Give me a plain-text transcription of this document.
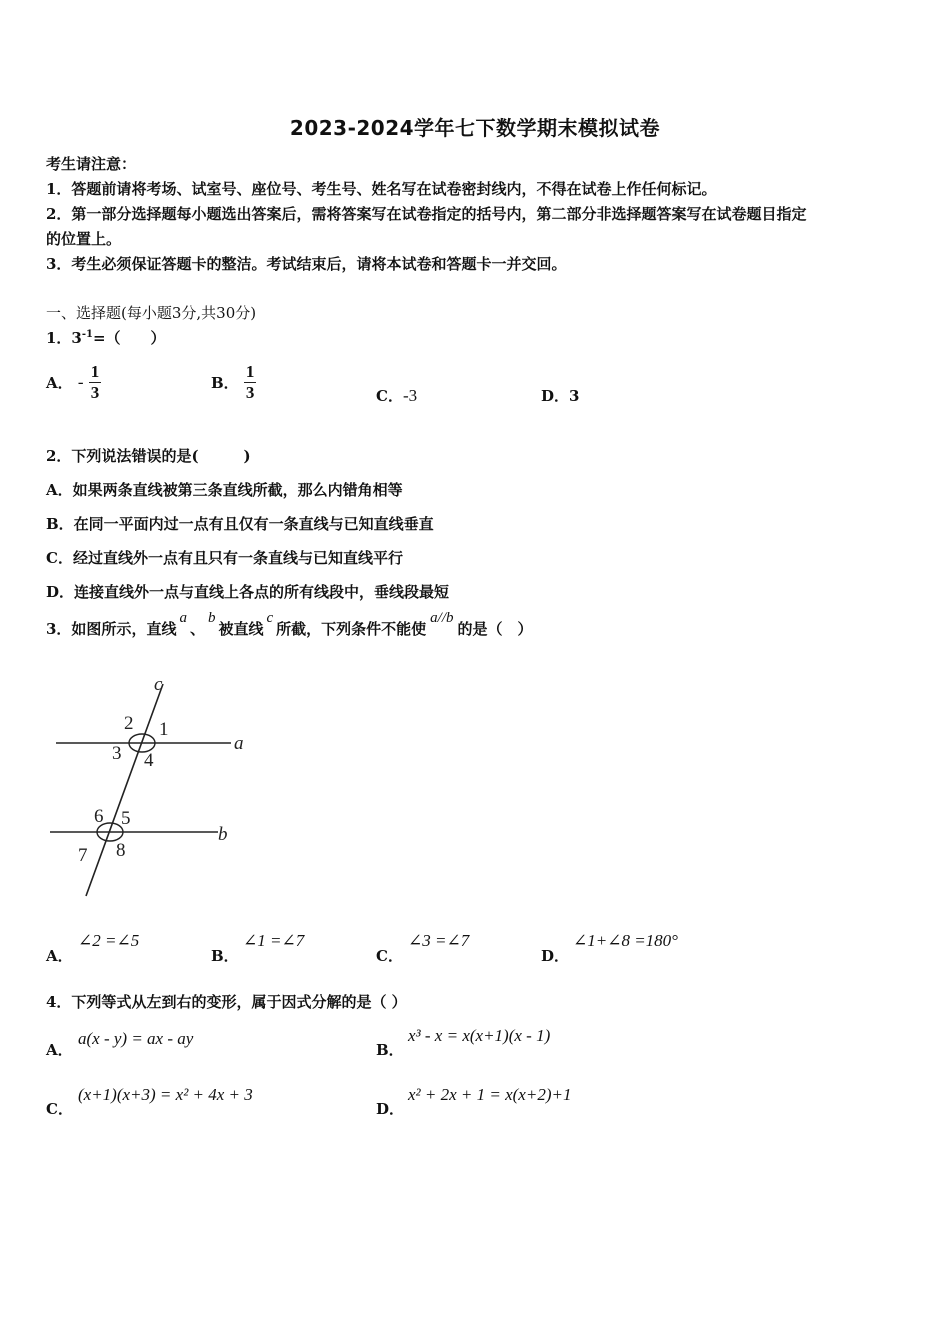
2023-2024学年七下数学期末模拟试卷
考生请注意：
1．答题前请将考场、试室号、座位号、考生号、姓名写在试卷密封线内，不得在试卷上作任何标记。
2．第一部分选择题每小题选出答案后，需将答案写在试卷指定的括号内，第二部分非选择题答案写在试卷题目指定
的位置上。
3．考生必须保证答题卡的整洁。考试结束后，请将本试卷和答题卡一并交回。
一、选择题(每小题3分,共30分)
1．$3^{-1}=$（　　）
A． - $\frac{1}{3}$	B． $\frac{1}{3}$	C．-3	D．3
2．下列说法错误的是(　　　)
A．如果两条直线被第三条直线所截，那么内错角相等
B．在同一平面内过一点有且仅有一条直线与已知直线垂直
C．经过直线外一点有且只有一条直线与已知直线平行
D．连接直线外一点与直线上各点的所有线段中，垂线段最短
3．如图所示，直线a、b被直线c所截，下列条件不能使a//b的是（　）
c
a
b
1
2
3 4
5
6
7 8
A．
∠2 =∠5
B．
∠1 =∠7
C．
∠3 =∠7
D．
∠1+∠8 =180°
4．下列等式从左到右的变形，属于因式分解的是（ ）
A．
a(x - y) = ax - ay
B．
x³ - x = x(x+1)(x - 1)
C．
(x+1)(x+3) = x² + 4x + 3
D．
x² + 2x + 1 = x(x+2)+1
